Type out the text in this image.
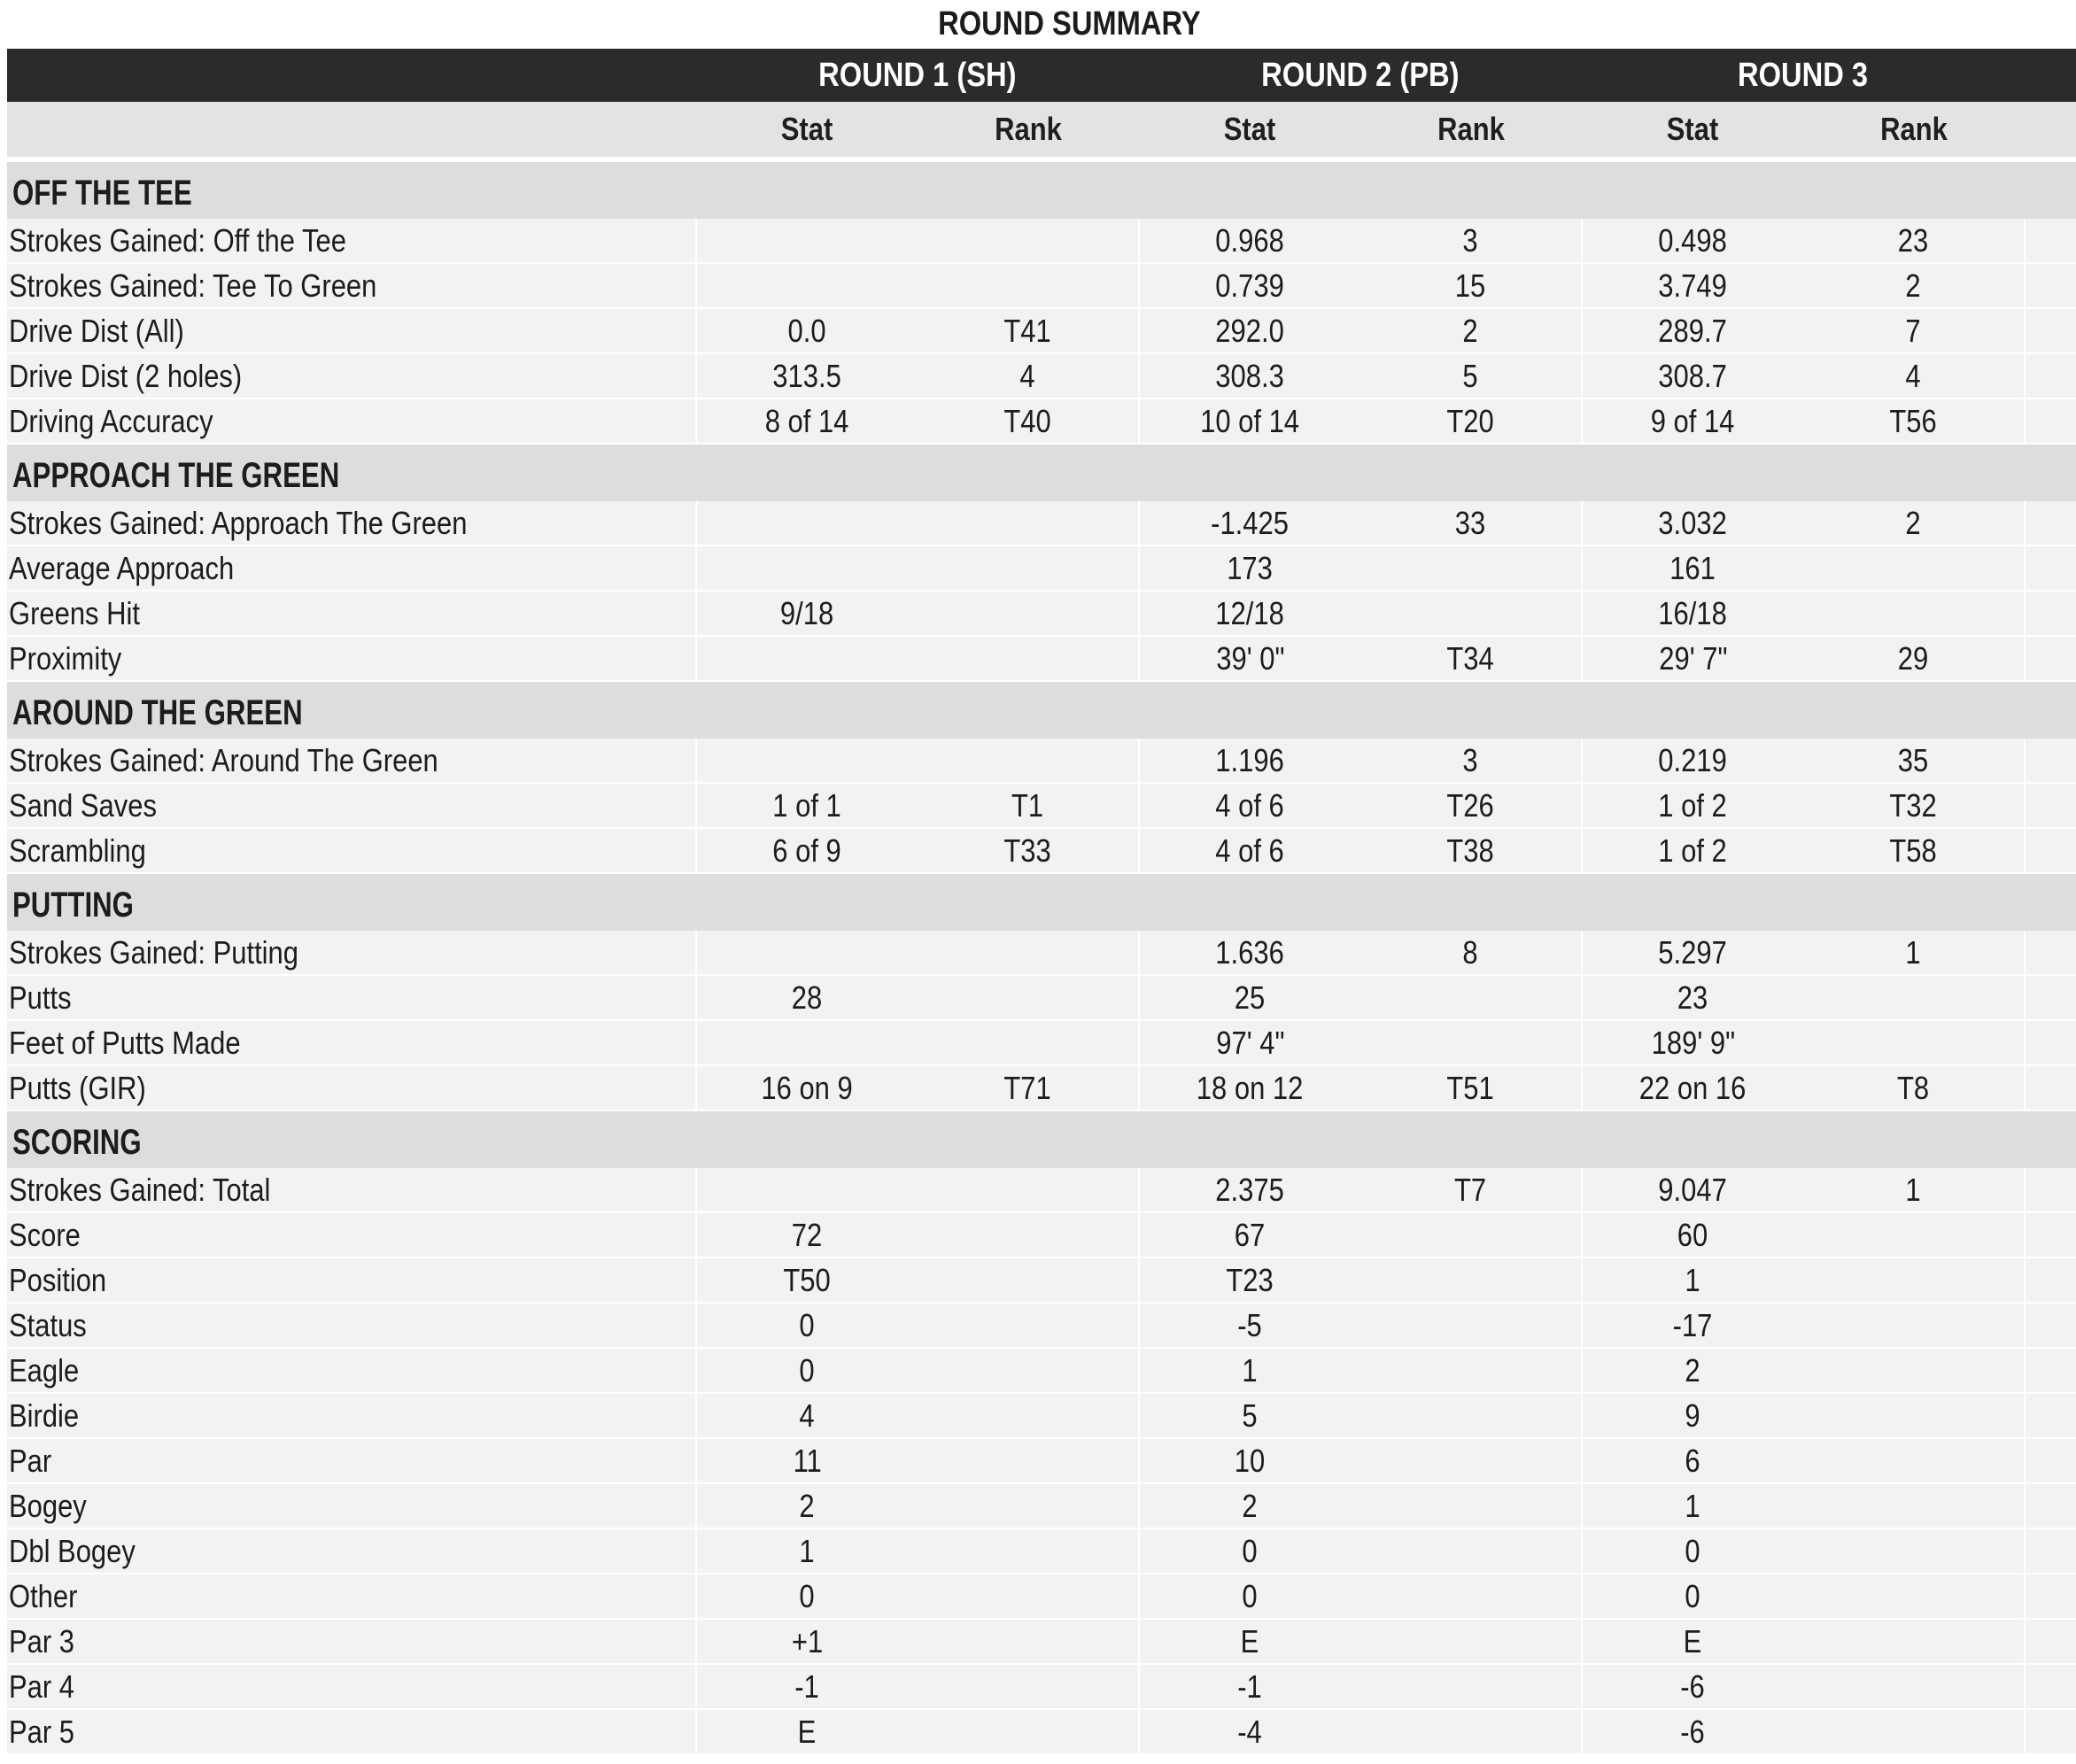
ROUND SUMMARY
	ROUND 1 (SH)		ROUND 2 (PB)		ROUND 3		
	Stat	Rank	Stat	Rank	Stat	Rank	
OFF THE TEE							
Strokes Gained: Off the Tee			0.968	3	0.498	23	
Strokes Gained: Tee To Green			0.739	15	3.749	2	
Drive Dist (All)	0.0	T41	292.0	2	289.7	7	
Drive Dist (2 holes)	313.5	4	308.3	5	308.7	4	
Driving Accuracy	8 of 14	T40	10 of 14	T20	9 of 14	T56	
APPROACH THE GREEN							
Strokes Gained: Approach The Green			-1.425	33	3.032	2	
Average Approach			173		161		
Greens Hit	9/18		12/18		16/18		
Proximity			39' 0"	T34	29' 7"	29	
AROUND THE GREEN							
Strokes Gained: Around The Green			1.196	3	0.219	35	
Sand Saves	1 of 1	T1	4 of 6	T26	1 of 2	T32	
Scrambling	6 of 9	T33	4 of 6	T38	1 of 2	T58	
PUTTING							
Strokes Gained: Putting			1.636	8	5.297	1	
Putts	28		25		23		
Feet of Putts Made			97' 4"		189' 9"		
Putts (GIR)	16 on 9	T71	18 on 12	T51	22 on 16	T8	
SCORING							
Strokes Gained: Total			2.375	T7	9.047	1	
Score	72		67		60		
Position	T50		T23		1		
Status	0		-5		-17		
Eagle	0		1		2		
Birdie	4		5		9		
Par	11		10		6		
Bogey	2		2		1		
Dbl Bogey	1		0		0		
Other	0		0		0		
Par 3	+1		E		E		
Par 4	-1		-1		-6		
Par 5	E		-4		-6		
